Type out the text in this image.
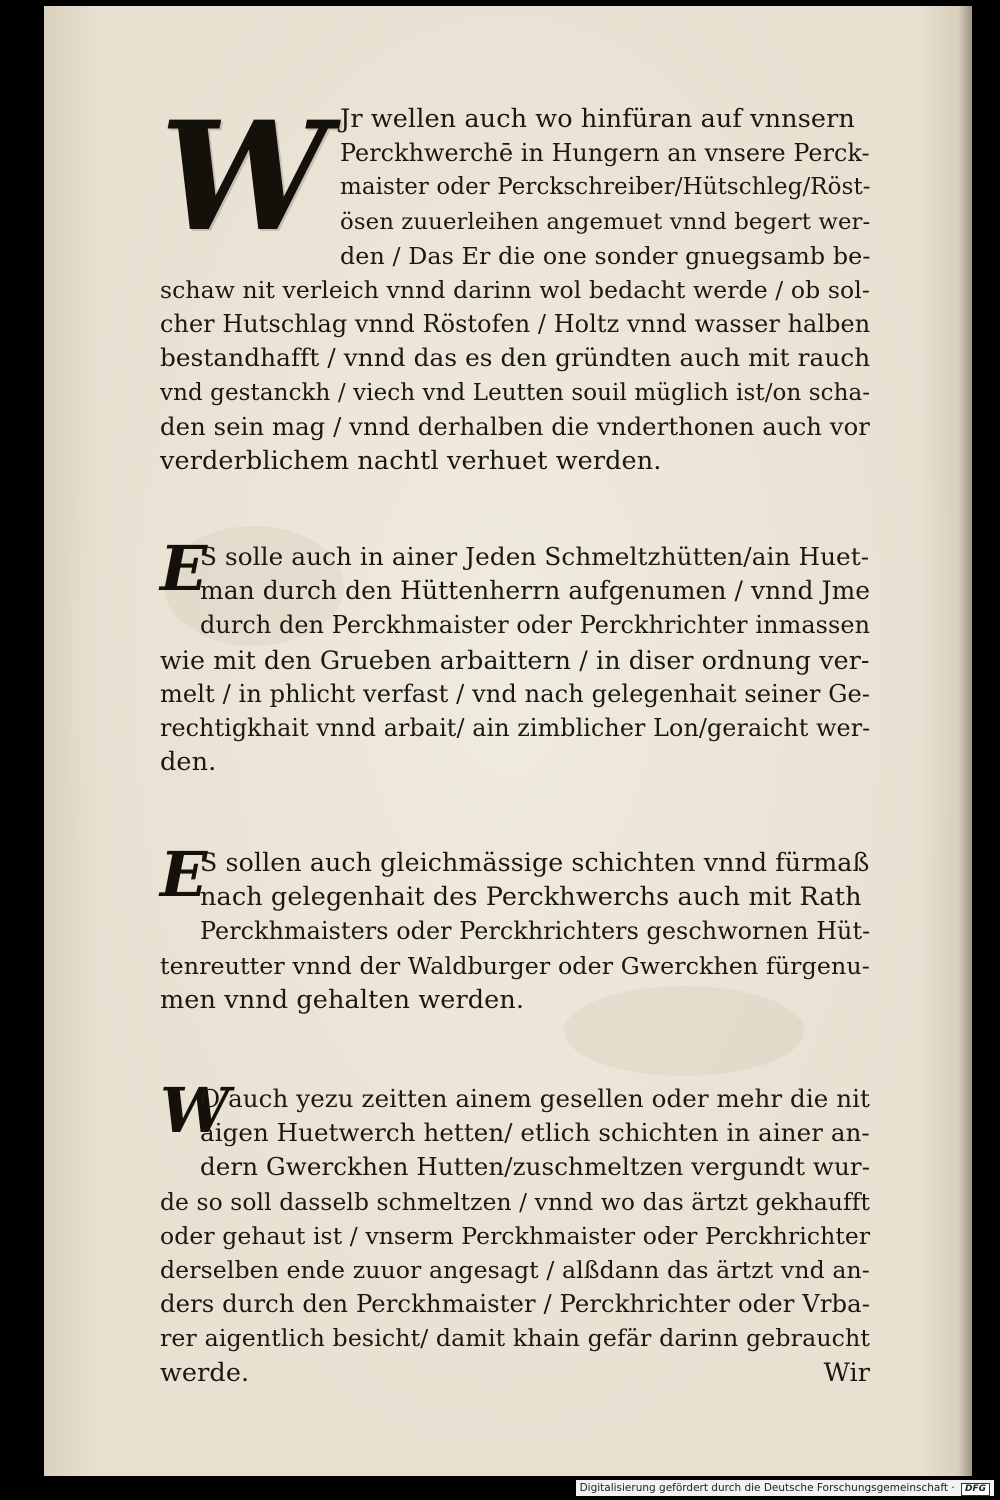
W Jr wellen auch wo hinfüran auf vnnsern
Perckhwerchē in Hungern an vnsere Perck-
maister oder Perckschreiber/Hütschleg/Röst-
ösen zuuerleihen angemuet vnnd begert wer-
den / Das Er die one sonder gnuegsamb be-
schaw nit verleich vnnd darinn wol bedacht werde / ob sol-
cher Hutschlag vnnd Röstofen / Holtz vnnd wasser halben
bestandhafft / vnnd das es den gründten auch mit rauch
vnd gestanckh / viech vnd Leutten souil müglich ist/on scha-
den sein mag / vnnd derhalben die vnderthonen auch vor
verderblichem nachtl verhuet werden.
E
S solle auch in ainer Jeden Schmeltzhütten/ain Huet-
man durch den Hüttenherrn aufgenumen / vnnd Jme
durch den Perckhmaister oder Perckhrichter inmassen
wie mit den Grueben arbaittern / in diser ordnung ver-
melt / in phlicht verfast / vnd nach gelegenhait seiner Ge-
rechtigkhait vnnd arbait/ ain zimblicher Lon/geraicht wer-
den.
E
S sollen auch gleichmässige schichten vnnd fürmaß
nach gelegenhait des Perckhwerchs auch mit Rath
Perckhmaisters oder Perckhrichters geschwornen Hüt-
tenreutter vnnd der Waldburger oder Gwerckhen fürgenu-
men vnnd gehalten werden.
W
O auch yezu zeitten ainem gesellen oder mehr die nit
aigen Huetwerch hetten/ etlich schichten in ainer an-
dern Gwerckhen Hutten/zuschmeltzen vergundt wur-
de so soll dasselb schmeltzen / vnnd wo das ärtzt gekhaufft
oder gehaut ist / vnserm Perckhmaister oder Perckhrichter
derselben ende zuuor angesagt / alßdann das ärtzt vnd an-
ders durch den Perckhmaister / Perckhrichter oder Vrba-
rer aigentlich besicht/ damit khain gefär darinn gebraucht
werde.	Wir
Digitalisierung gefördert durch die Deutsche Forschungsgemeinschaft · DFG
